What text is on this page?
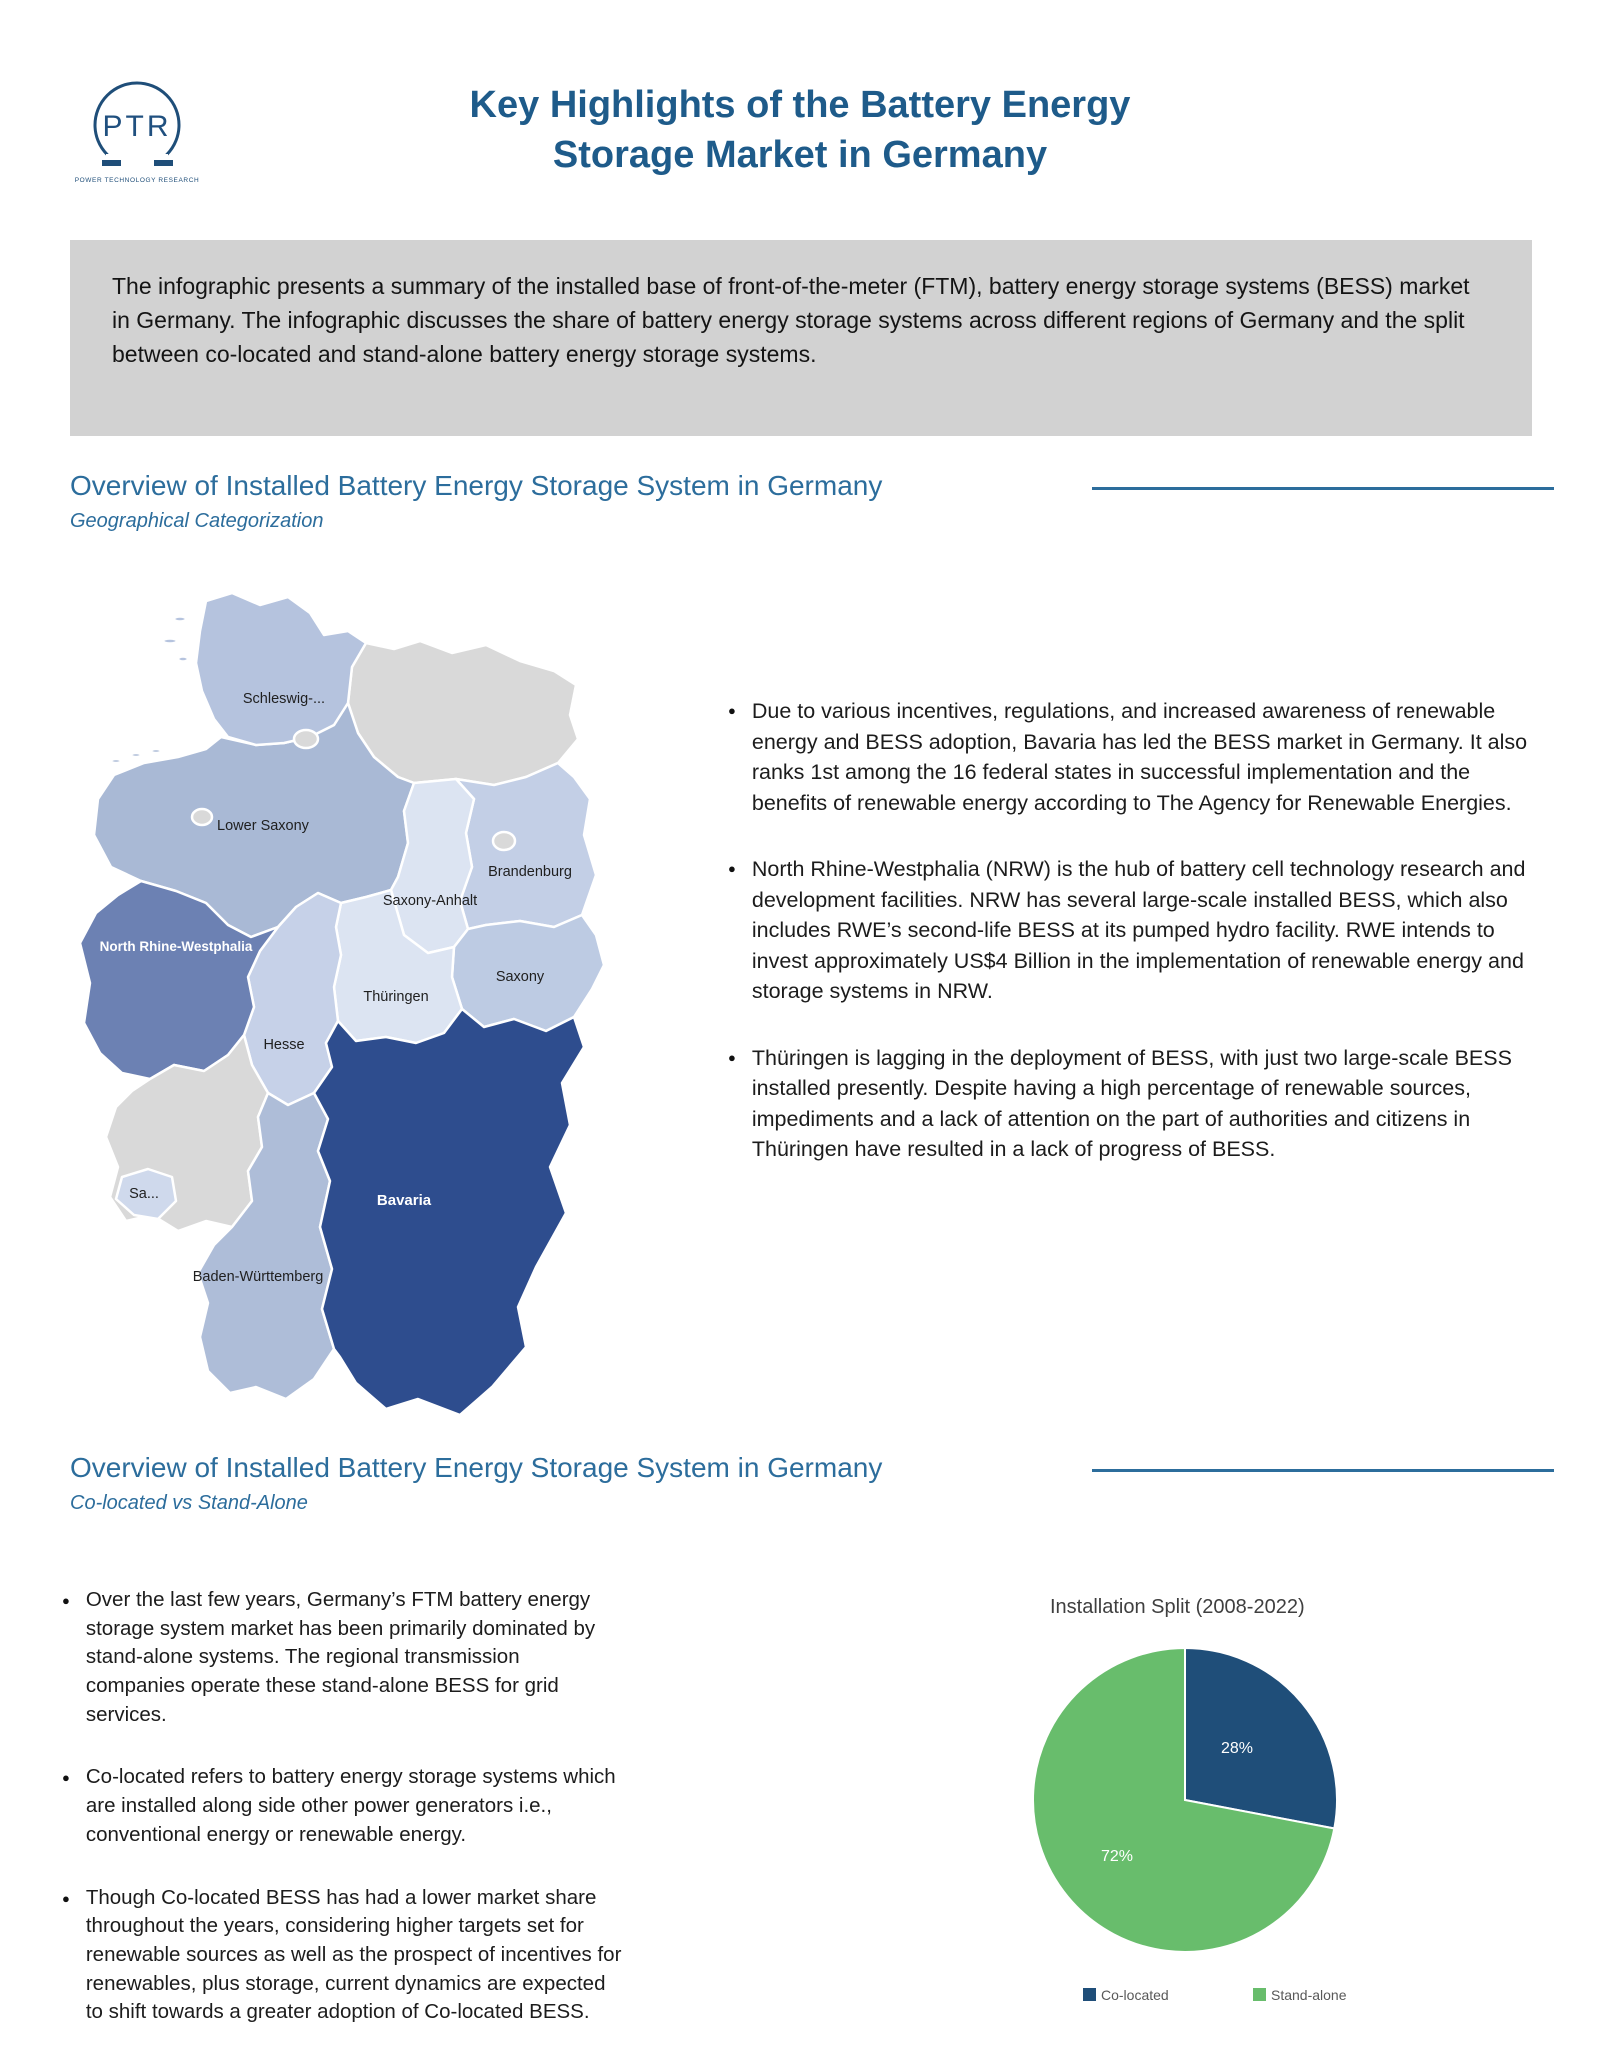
PTR
POWER TECHNOLOGY RESEARCH
Key Highlights of the Battery Energy
Storage Market in Germany

The infographic presents a summary of the installed base of front-of-the-meter (FTM), battery energy storage systems (BESS) market in Germany. The infographic discusses the share of battery energy storage systems across different regions of Germany and the split between co-located and stand-alone battery energy storage systems.

Overview of Installed Battery Energy Storage System in Germany

Geographical Categorization

Schleswig-...
Lower Saxony
Brandenburg
Saxony-Anhalt
Saxony
Thüringen
Hesse
North Rhine-Westphalia
Sa...
Baden-Württemberg
Bavaria
● Due to various incentives, regulations, and increased awareness of renewable energy and BESS adoption, Bavaria has led the BESS market in Germany. It also ranks 1st among the 16 federal states in successful implementation and the benefits of renewable energy according to The Agency for Renewable Energies.
● North Rhine-Westphalia (NRW) is the hub of battery cell technology research and development facilities. NRW has several large-scale installed BESS, which also includes RWE’s second-life BESS at its pumped hydro facility. RWE intends to invest approximately US$4 Billion in the implementation of renewable energy and storage systems in NRW.
● Thüringen is lagging in the deployment of BESS, with just two large-scale BESS installed presently. Despite having a high percentage of renewable sources, impediments and a lack of attention on the part of authorities and citizens in Thüringen have resulted in a lack of progress of BESS.
Overview of Installed Battery Energy Storage System in Germany

Co-located vs Stand-Alone

● Over the last few years, Germany’s FTM battery energy storage system market has been primarily dominated by stand-alone systems. The regional transmission companies operate these stand-alone BESS for grid services.
● Co-located refers to battery energy storage systems which are installed along side other power generators i.e., conventional energy or renewable energy.
● Though Co-located BESS has had a lower market share throughout the years, considering higher targets set for renewable sources as well as the prospect of incentives for renewables, plus storage, current dynamics are expected to shift towards a greater adoption of Co-located BESS.
Installation Split (2008-2022)
28%
72%
Co-located	Stand-alone
